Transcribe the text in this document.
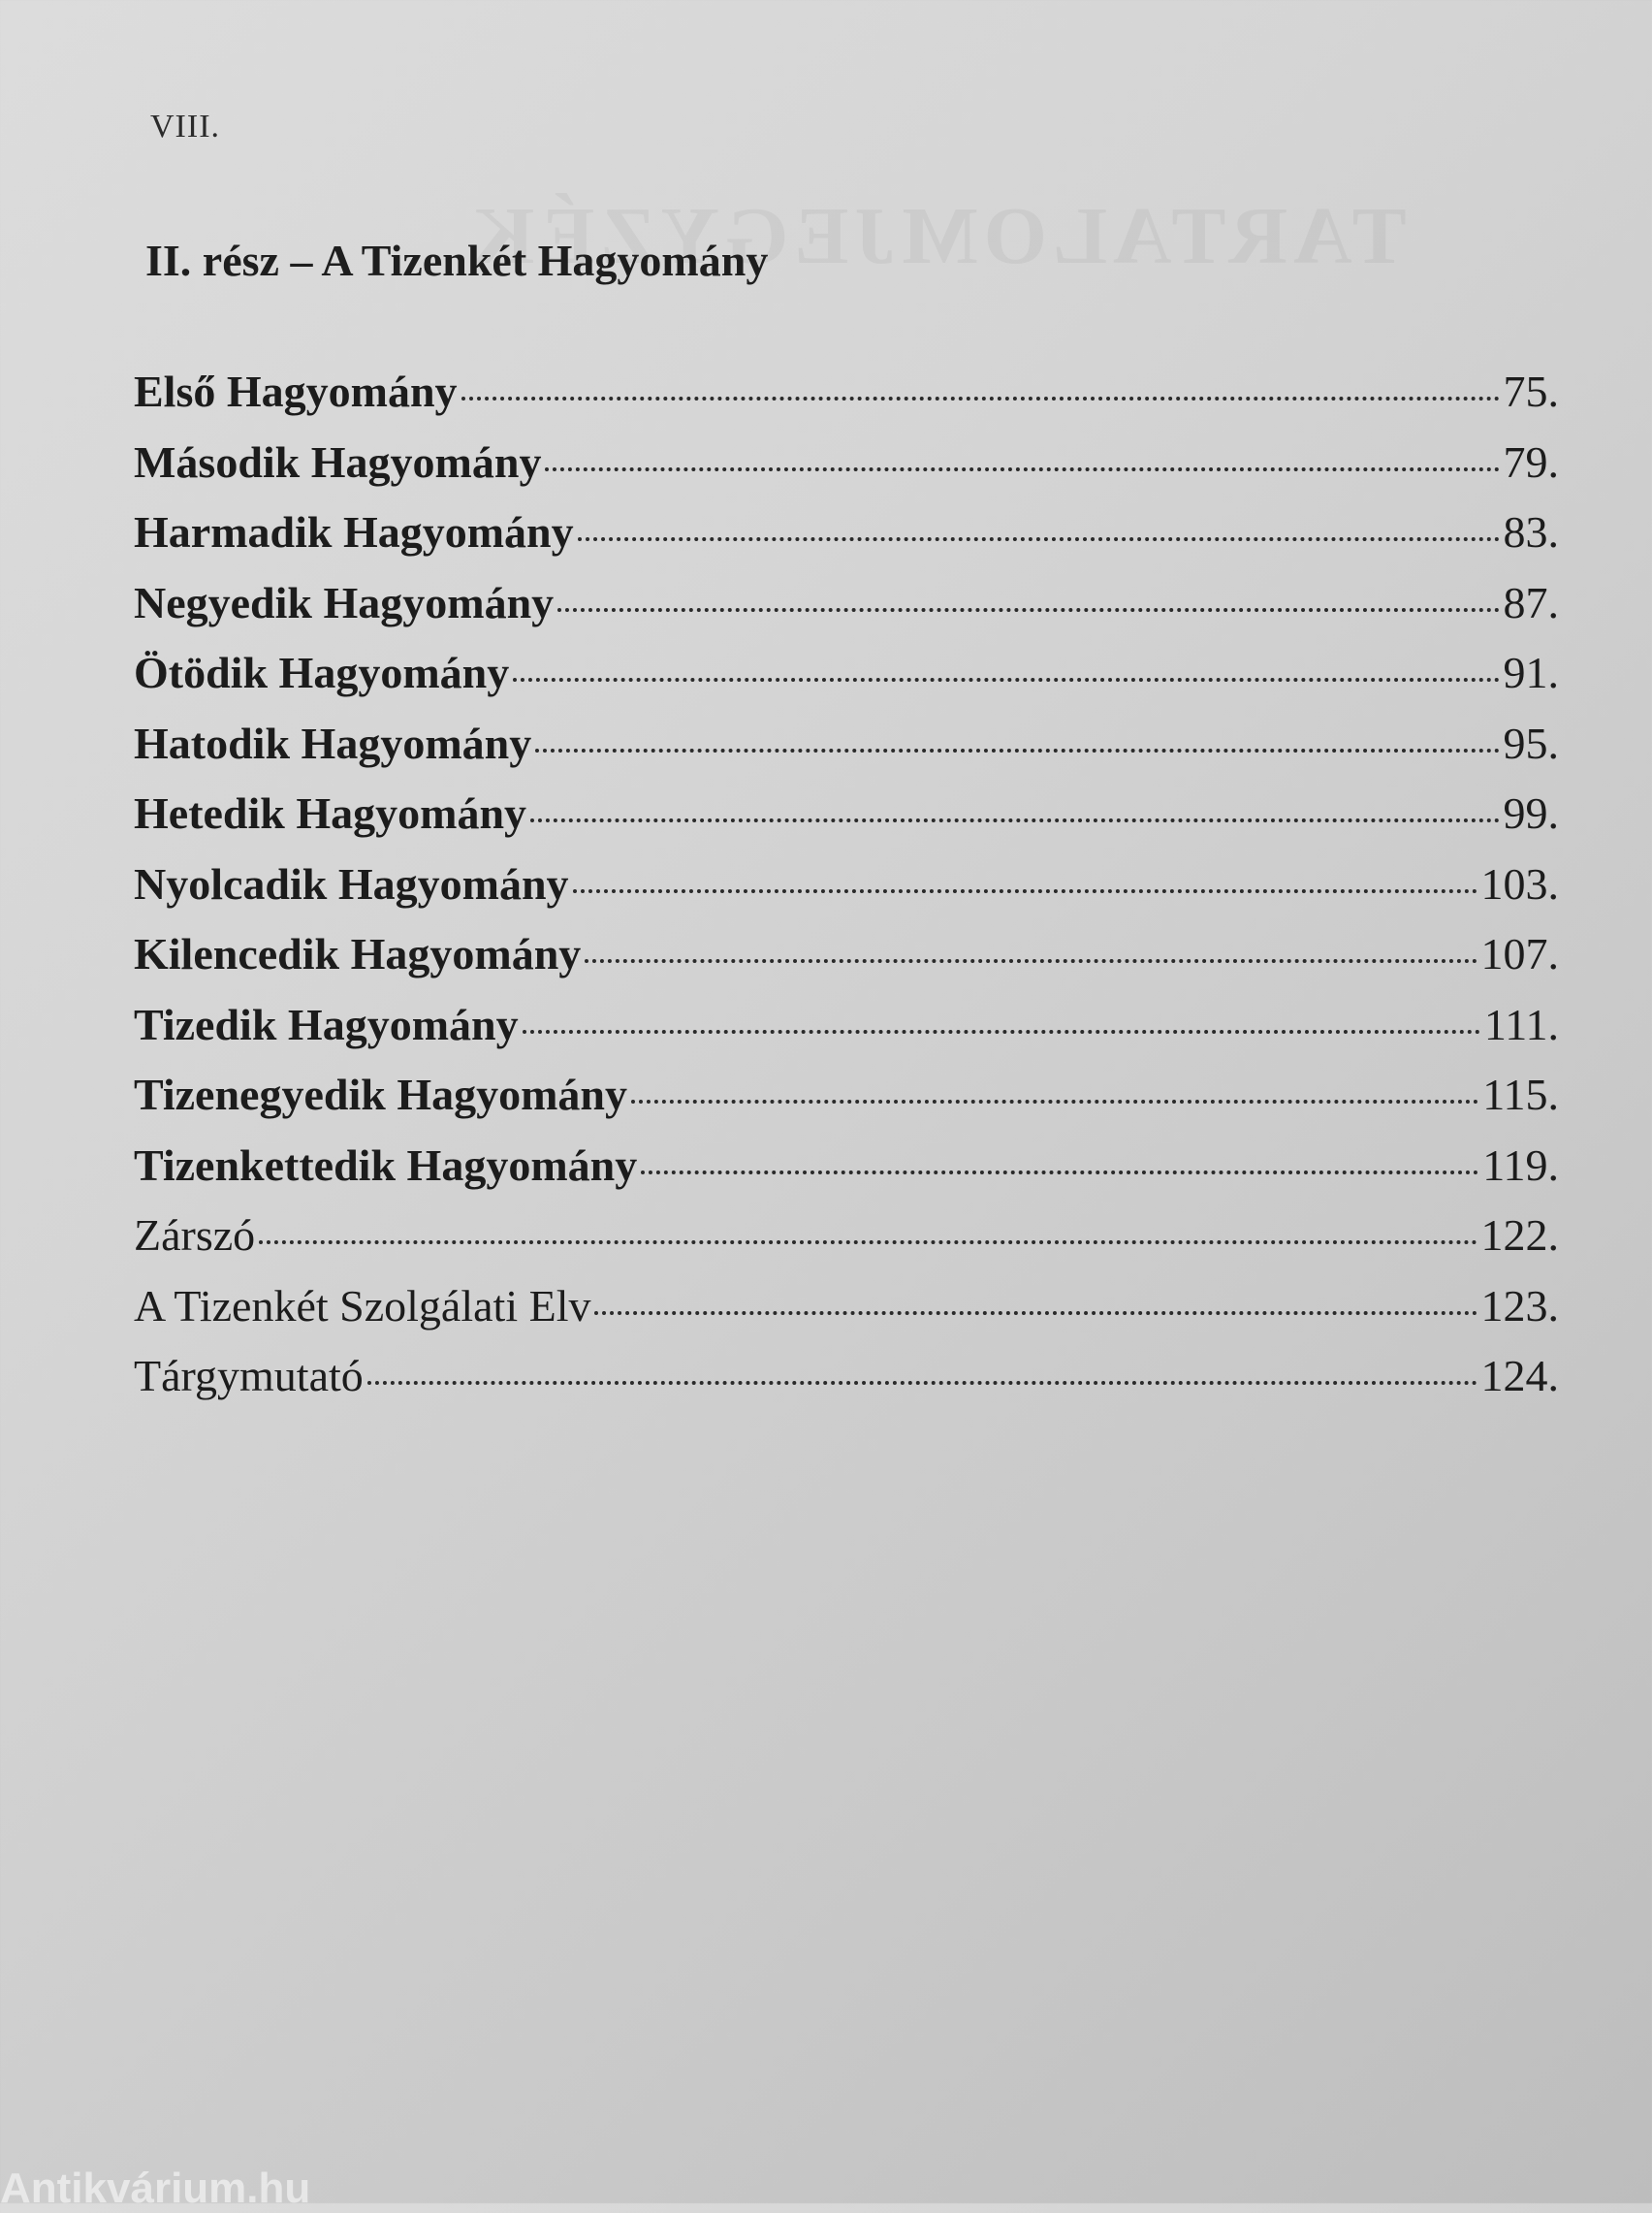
VIII.
II. rész – A Tizenkét Hagyomány
Első Hagyomány	75.
Második Hagyomány	79.
Harmadik Hagyomány	83.
Negyedik Hagyomány	87.
Ötödik Hagyomány	91.
Hatodik Hagyomány	95.
Hetedik Hagyomány	99.
Nyolcadik Hagyomány	103.
Kilencedik Hagyomány	107.
Tizedik Hagyomány	111.
Tizenegyedik Hagyomány	115.
Tizenkettedik Hagyomány	119.
Zárszó	122.
A Tizenkét Szolgálati Elv	123.
Tárgymutató	124.
Antikvárium.hu
